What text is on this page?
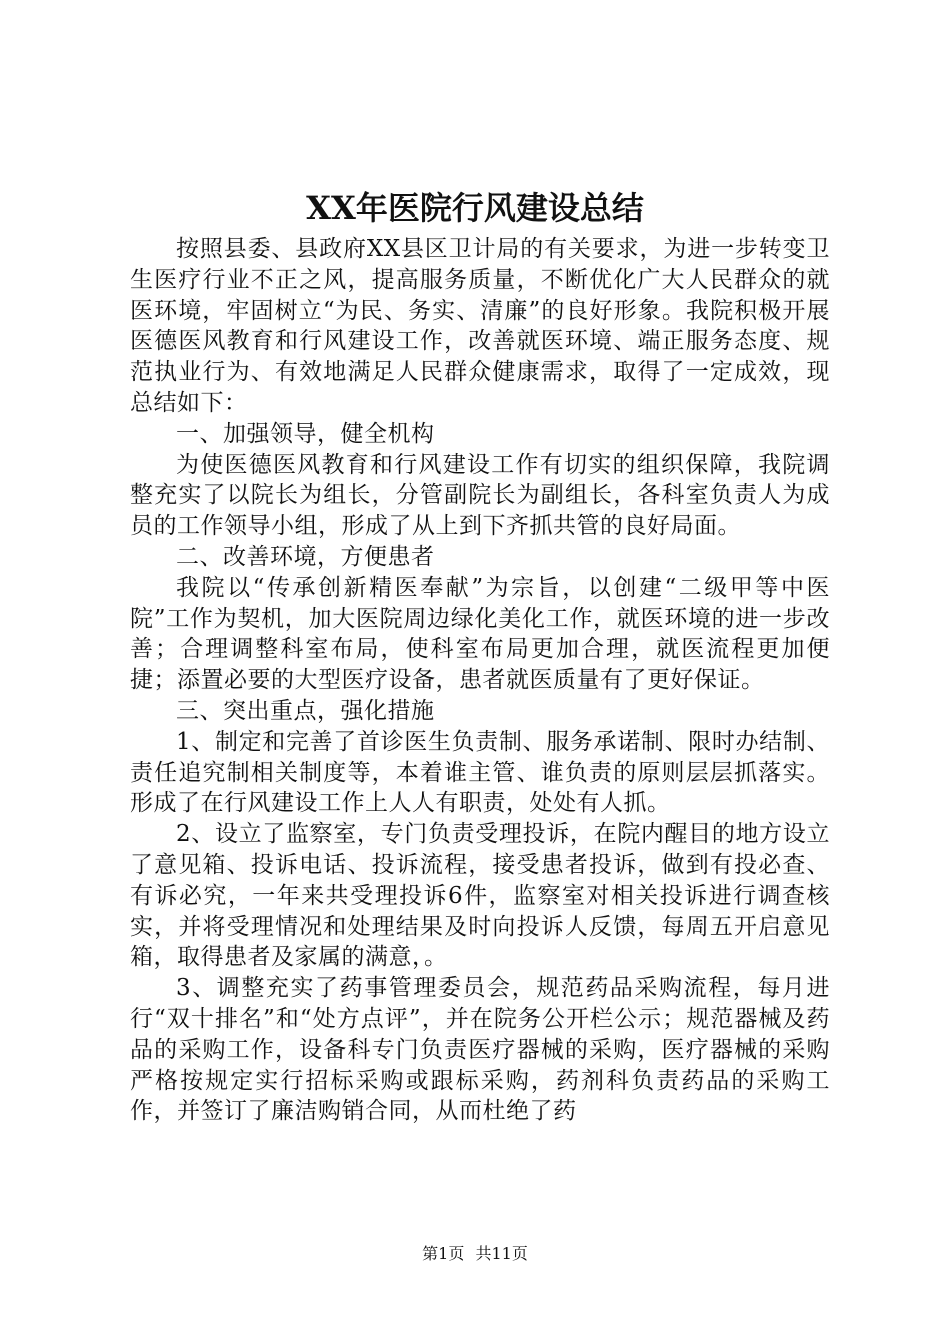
XX年医院行风建设总结

按照县委、县政府XX县区卫计局的有关要求，为进一步转变卫生医疗行业不正之风，提高服务质量，不断优化广大人民群众的就医环境，牢固树立“为民、务实、清廉”的良好形象。我院积极开展医德医风教育和行风建设工作，改善就医环境、端正服务态度、规范执业行为、有效地满足人民群众健康需求，取得了一定成效，现总结如下：

一、加强领导，健全机构

为使医德医风教育和行风建设工作有切实的组织保障，我院调整充实了以院长为组长，分管副院长为副组长，各科室负责人为成员的工作领导小组，形成了从上到下齐抓共管的良好局面。

二、改善环境，方便患者

我院以“传承创新精医奉献”为宗旨，以创建“二级甲等中医院”工作为契机，加大医院周边绿化美化工作，就医环境的进一步改善；合理调整科室布局，使科室布局更加合理，就医流程更加便捷；添置必要的大型医疗设备，患者就医质量有了更好保证。

三、突出重点，强化措施

1、制定和完善了首诊医生负责制、服务承诺制、限时办结制、责任追究制相关制度等，本着谁主管、谁负责的原则层层抓落实。形成了在行风建设工作上人人有职责，处处有人抓。

2、设立了监察室，专门负责受理投诉，在院内醒目的地方设立了意见箱、投诉电话、投诉流程，接受患者投诉，做到有投必查、有诉必究，一年来共受理投诉6件，监察室对相关投诉进行调查核实，并将受理情况和处理结果及时向投诉人反馈，每周五开启意见箱，取得患者及家属的满意，。

3、调整充实了药事管理委员会，规范药品采购流程，每月进行“双十排名”和“处方点评”，并在院务公开栏公示；规范器械及药品的采购工作，设备科专门负责医疗器械的采购，医疗器械的采购严格按规定实行招标采购或跟标采购，药剂科负责药品的采购工作，并签订了廉洁购销合同，从而杜绝了药

第1页 共11页
